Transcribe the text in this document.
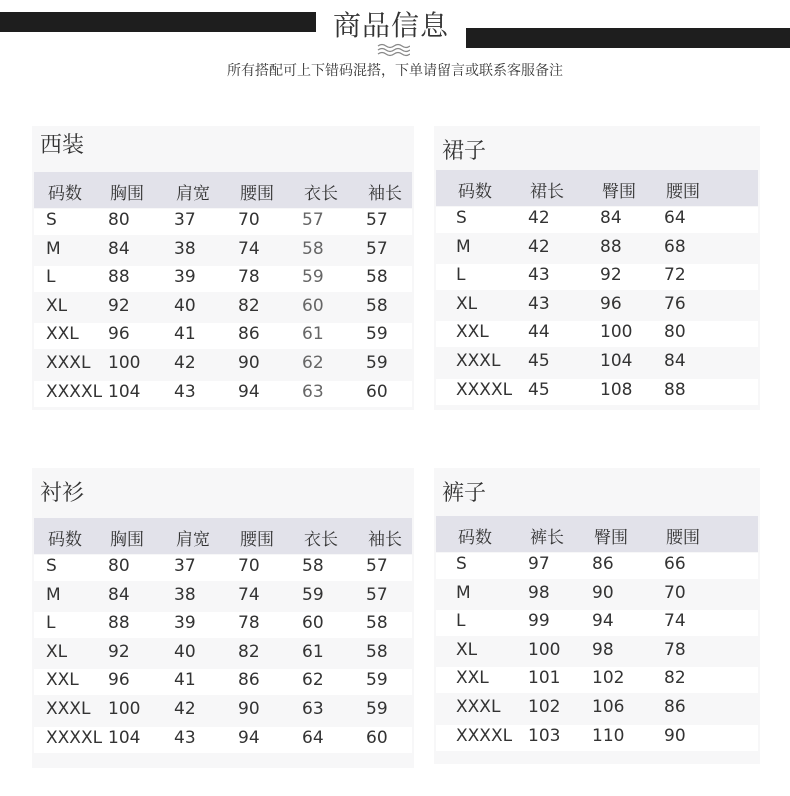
商品信息
所有搭配可上下错码混搭，下单请留言或联系客服备注
西装
码数 胸围 肩宽 腰围 衣长 袖长
S	80	37 70 57 57
M	84	38 74 58 57
L	88	39 78 59 58
XL 92	40 82 60 58
XXL 96	41 86 61 59
XXXL 100 42 90 62 59
XXXXL 104 43 94 63 60
裙子
码数 裙长 臀围 腰围
S	42	84 64
M	42	88 68
L	43	92 72
XL	43	96 76
XXL 44	100 80
XXXL 45	104 84
XXXXL 45	108 88
衬衫
码数 胸围 肩宽 腰围 衣长 袖长
S	80	37 70 58 57
M	84	38 74 59 57
L	88	39 78 60 58
XL 92	40 82 61 58
XXL 96	41 86 62 59
XXXL 100 42 90 63 59
XXXXL 104 43 94 64 60
裤子
码数 裤长 臀围 腰围
S	97 86	66
M	98 90	70
L	99 94	74
XL	100 98	78
XXL 101 102 82
XXXL 102 106 86
XXXXL 103 110 90
